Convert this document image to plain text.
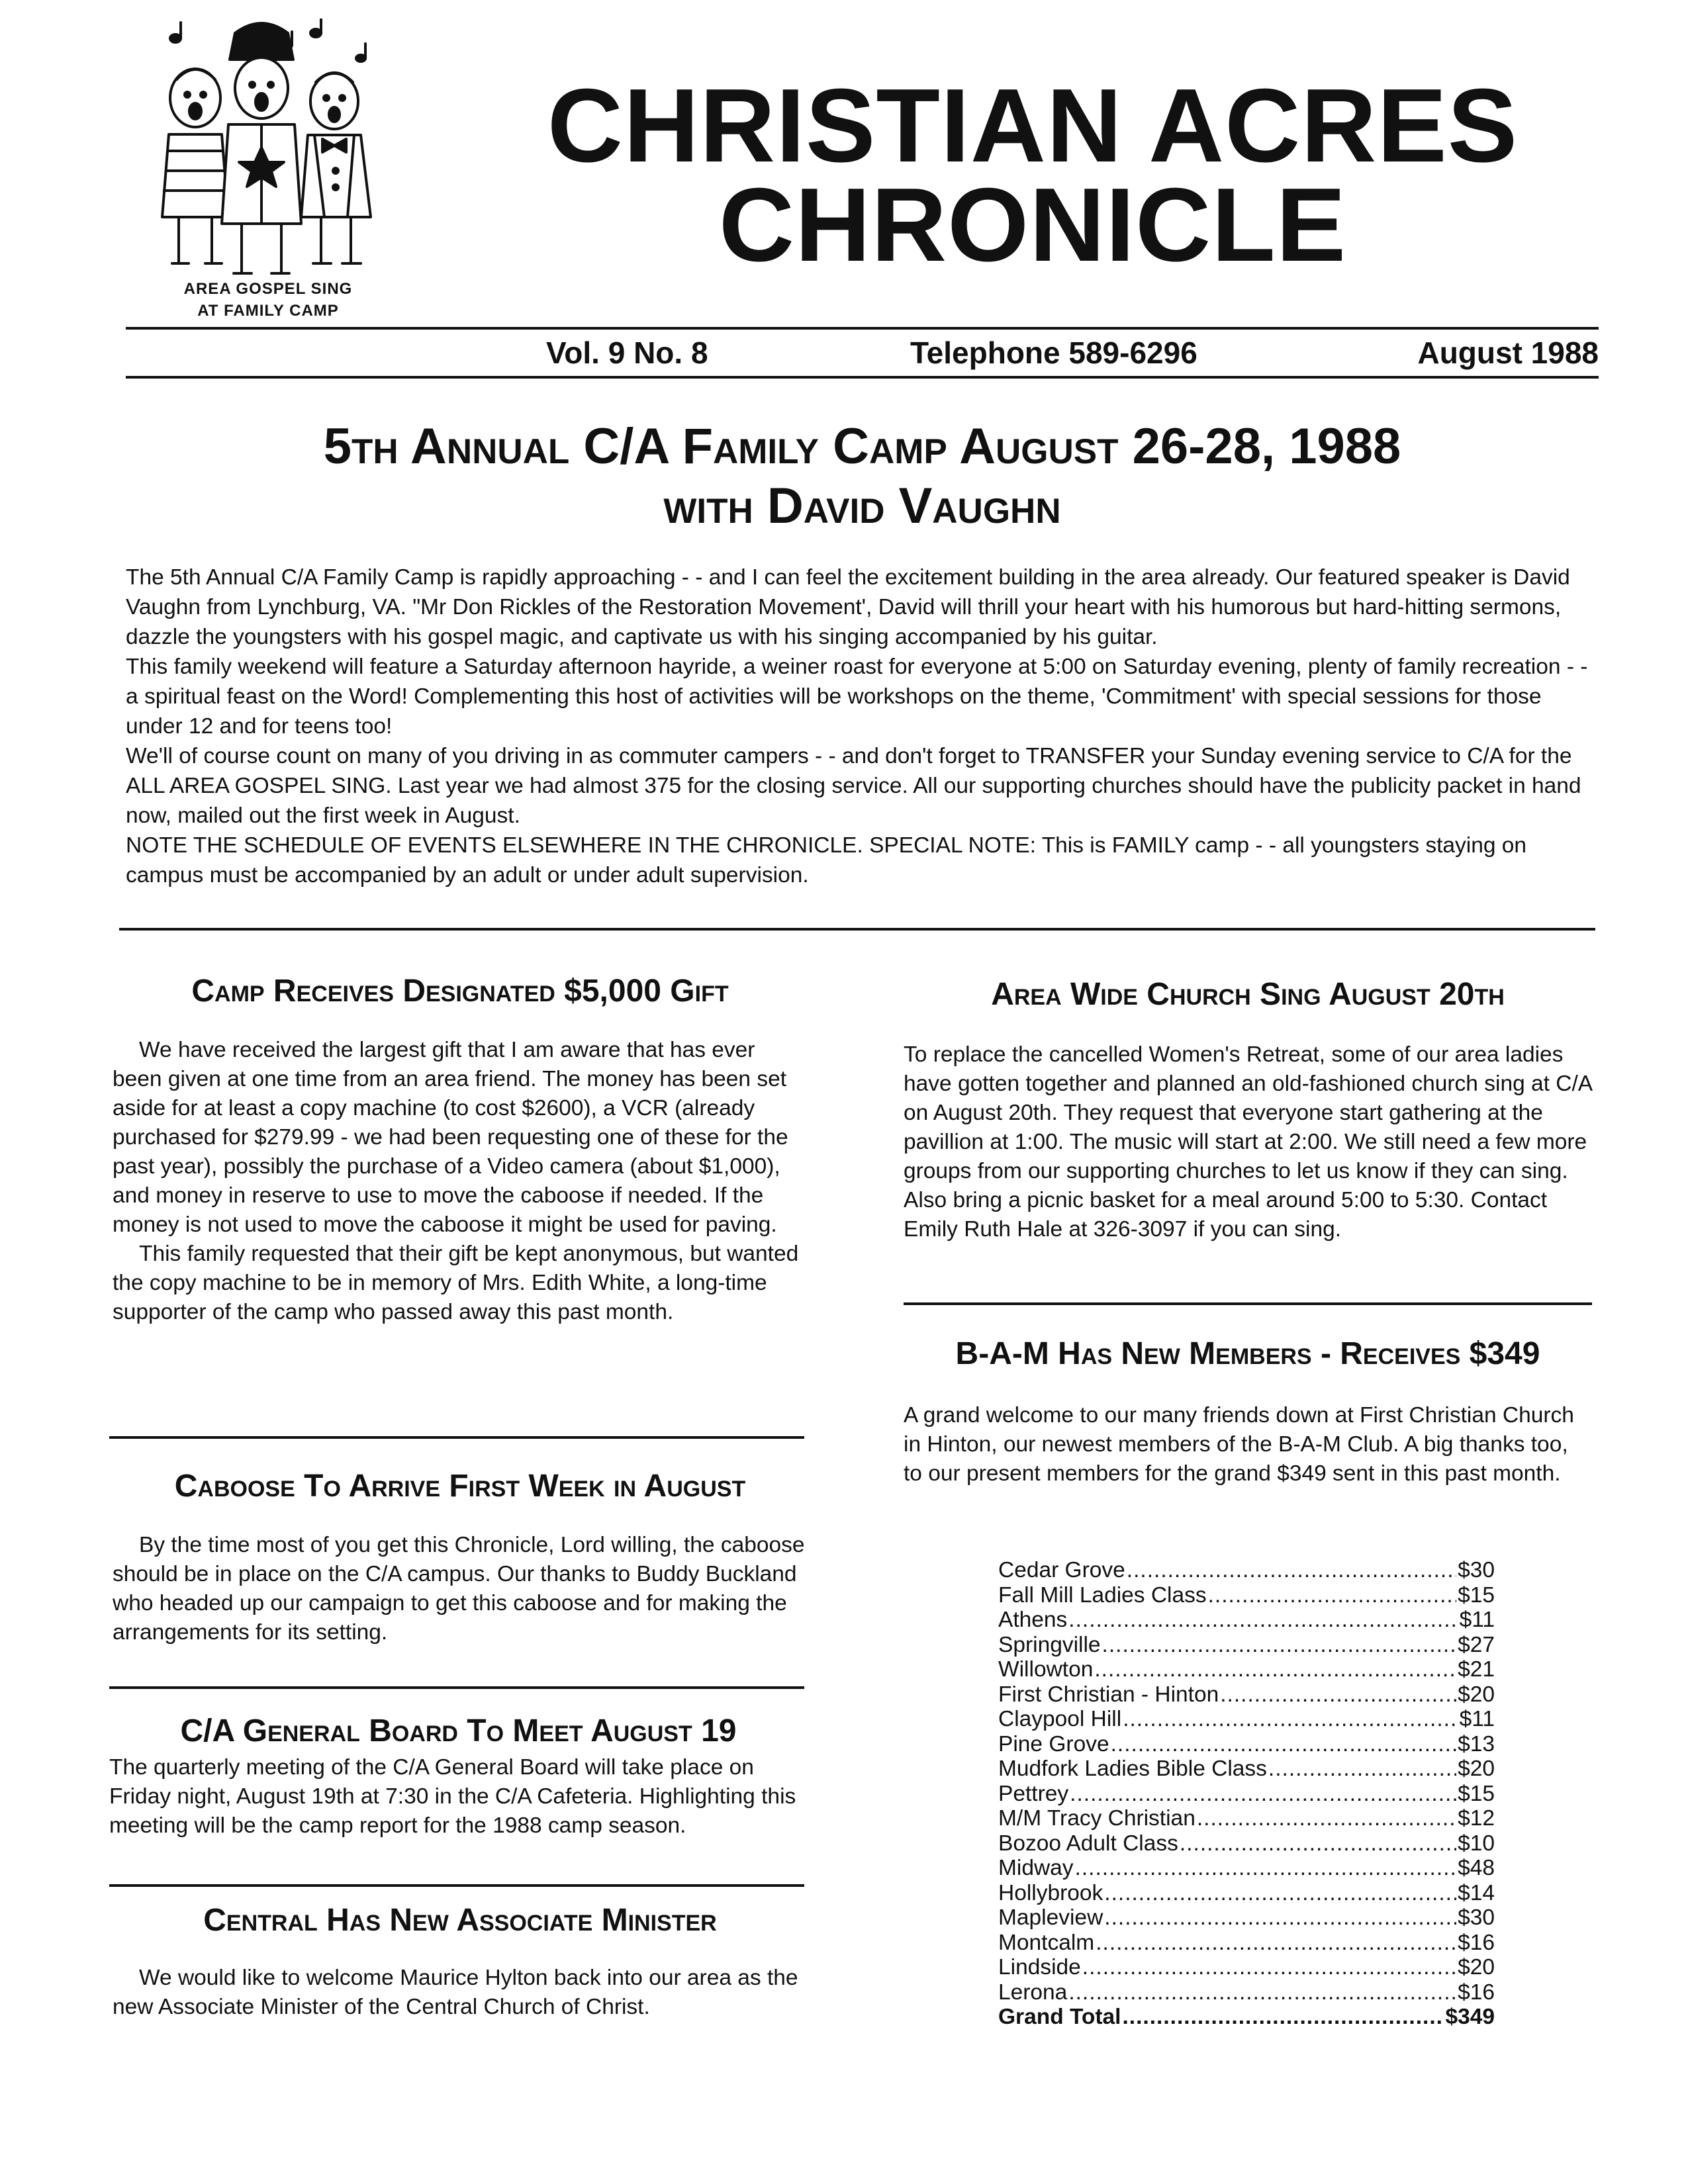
AREA GOSPEL SING
AT FAMILY CAMP
CHRISTIAN ACRES
CHRONICLE
Vol. 9 No. 8	Telephone 589-6296	August 1988
5th Annual C/A Family Camp August 26-28, 1988
with David Vaughn

The 5th Annual C/A Family Camp is rapidly approaching - - and I can feel the excitement building in the area already. Our featured speaker is David Vaughn from Lynchburg, VA. "Mr Don Rickles of the Restoration Movement', David will thrill your heart with his humorous but hard-hitting sermons, dazzle the youngsters with his gospel magic, and captivate us with his singing accompanied by his guitar.

This family weekend will feature a Saturday afternoon hayride, a weiner roast for everyone at 5:00 on Saturday evening, plenty of family recreation - - a spiritual feast on the Word! Complementing this host of activities will be workshops on the theme, 'Commitment' with special sessions for those under 12 and for teens too!

We'll of course count on many of you driving in as commuter campers - - and don't forget to TRANSFER your Sunday evening service to C/A for the ALL AREA GOSPEL SING. Last year we had almost 375 for the closing service. All our supporting churches should have the publicity packet in hand now, mailed out the first week in August.

NOTE THE SCHEDULE OF EVENTS ELSEWHERE IN THE CHRONICLE. SPECIAL NOTE: This is FAMILY camp - - all youngsters staying on campus must be accompanied by an adult or under adult supervision.

Camp Receives Designated $5,000 Gift

We have received the largest gift that I am aware that has ever been given at one time from an area friend. The money has been set aside for at least a copy machine (to cost $2600), a VCR (already purchased for $279.99 - we had been requesting one of these for the past year), possibly the purchase of a Video camera (about $1,000), and money in reserve to use to move the caboose if needed. If the money is not used to move the caboose it might be used for paving.

This family requested that their gift be kept anonymous, but wanted the copy machine to be in memory of Mrs. Edith White, a long-time supporter of the camp who passed away this past month.

Caboose To Arrive First Week in August

By the time most of you get this Chronicle, Lord willing, the caboose should be in place on the C/A campus. Our thanks to Buddy Buckland who headed up our campaign to get this caboose and for making the arrangements for its setting.

C/A General Board To Meet August 19

The quarterly meeting of the C/A General Board will take place on Friday night, August 19th at 7:30 in the C/A Cafeteria. Highlighting this meeting will be the camp report for the 1988 camp season.

Central Has New Associate Minister

We would like to welcome Maurice Hylton back into our area as the new Associate Minister of the Central Church of Christ.

Area Wide Church Sing August 20th

To replace the cancelled Women's Retreat, some of our area ladies have gotten together and planned an old-fashioned church sing at C/A on August 20th. They request that everyone start gathering at the pavillion at 1:00. The music will start at 2:00. We still need a few more groups from our supporting churches to let us know if they can sing. Also bring a picnic basket for a meal around 5:00 to 5:30. Contact Emily Ruth Hale at 326-3097 if you can sing.

B-A-M Has New Members - Receives $349

A grand welcome to our many friends down at First Christian Church in Hinton, our newest members of the B-A-M Club. A big thanks too, to our present members for the grand $349 sent in this past month.

Cedar Grove .....	$30
Fall Mill Ladies Class .....	$15
Athens .....	$11
Springville .....	$27
Willowton .....	$21
First Christian - Hinton .....	$20
Claypool Hill .....	$11
Pine Grove .....	$13
Mudfork Ladies Bible Class .....	$20
Pettrey .....	$15
M/M Tracy Christian .....	$12
Bozoo Adult Class .....	$10
Midway .....	$48
Hollybrook .....	$14
Mapleview .....	$30
Montcalm .....	$16
Lindside .....	$20
Lerona .....	$16
Grand Total .....	$349
